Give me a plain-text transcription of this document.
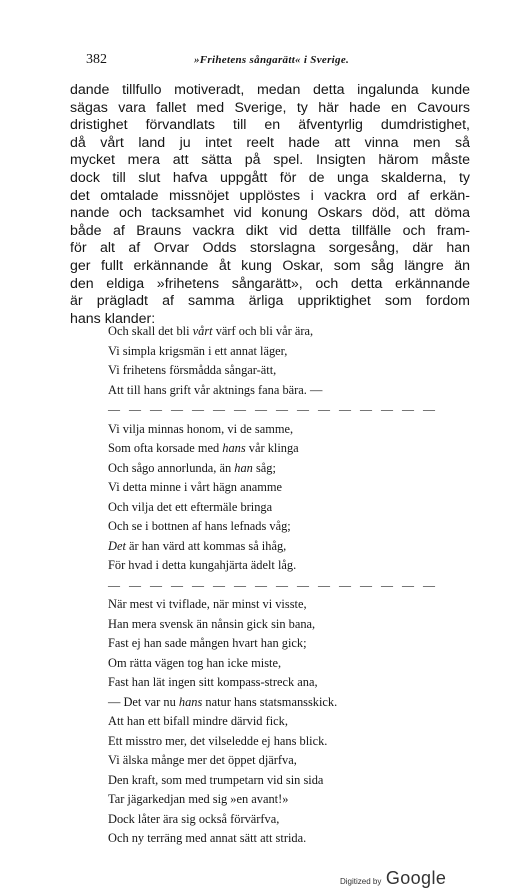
382	»Frihetens sångarätt« i Sverige.
dande tillfullo motiveradt, medan detta ingalunda kunde
sägas vara fallet med Sverige, ty här hade en Cavours
dristighet förvandlats till en äfventyrlig dumdristighet,
då vårt land ju intet reelt hade att vinna men så
mycket mera att sätta på spel. Insigten härom måste
dock till slut hafva uppgått för de unga skalderna, ty
det omtalade missnöjet upplöstes i vackra ord af erkän-
nande och tacksamhet vid konung Oskars död, att döma
både af Brauns vackra dikt vid detta tillfälle och fram-
för alt af Orvar Odds storslagna sorgesång, där han
ger fullt erkännande åt kung Oskar, som såg längre än
den eldiga »frihetens sångarätt», och detta erkännande
är prägladt af samma ärliga uppriktighet som fordom
hans klander:
Och skall det bli vårt värf och bli vår ära,
Vi simpla krigsmän i ett annat läger,
Vi frihetens försmådda sångar-ätt,
Att till hans grift vår aktnings fana bära. —
— — — — — — — — — — — — — — — —
Vi vilja minnas honom, vi de samme,
Som ofta korsade med hans vår klinga
Och sågo annorlunda, än han såg;
Vi detta minne i vårt hägn anamme
Och vilja det ett eftermäle bringa
Och se i bottnen af hans lefnads våg;
Det är han värd att kommas så ihåg,
För hvad i detta kungahjärta ädelt låg.
— — — — — — — — — — — — — — — —
När mest vi tviflade, när minst vi visste,
Han mera svensk än nånsin gick sin bana,
Fast ej han sade mången hvart han gick;
Om rätta vägen tog han icke miste,
Fast han lät ingen sitt kompass-streck ana,
— Det var nu hans natur hans statsmansskick.
Att han ett bifall mindre därvid fick,
Ett misstro mer, det vilseledde ej hans blick.
Vi älska månge mer det öppet djärfva,
Den kraft, som med trumpetarn vid sin sida
Tar jägarkedjan med sig »en avant!»
Dock låter ära sig också förvärfva,
Och ny terräng med annat sätt att strida.
Digitized by Google
